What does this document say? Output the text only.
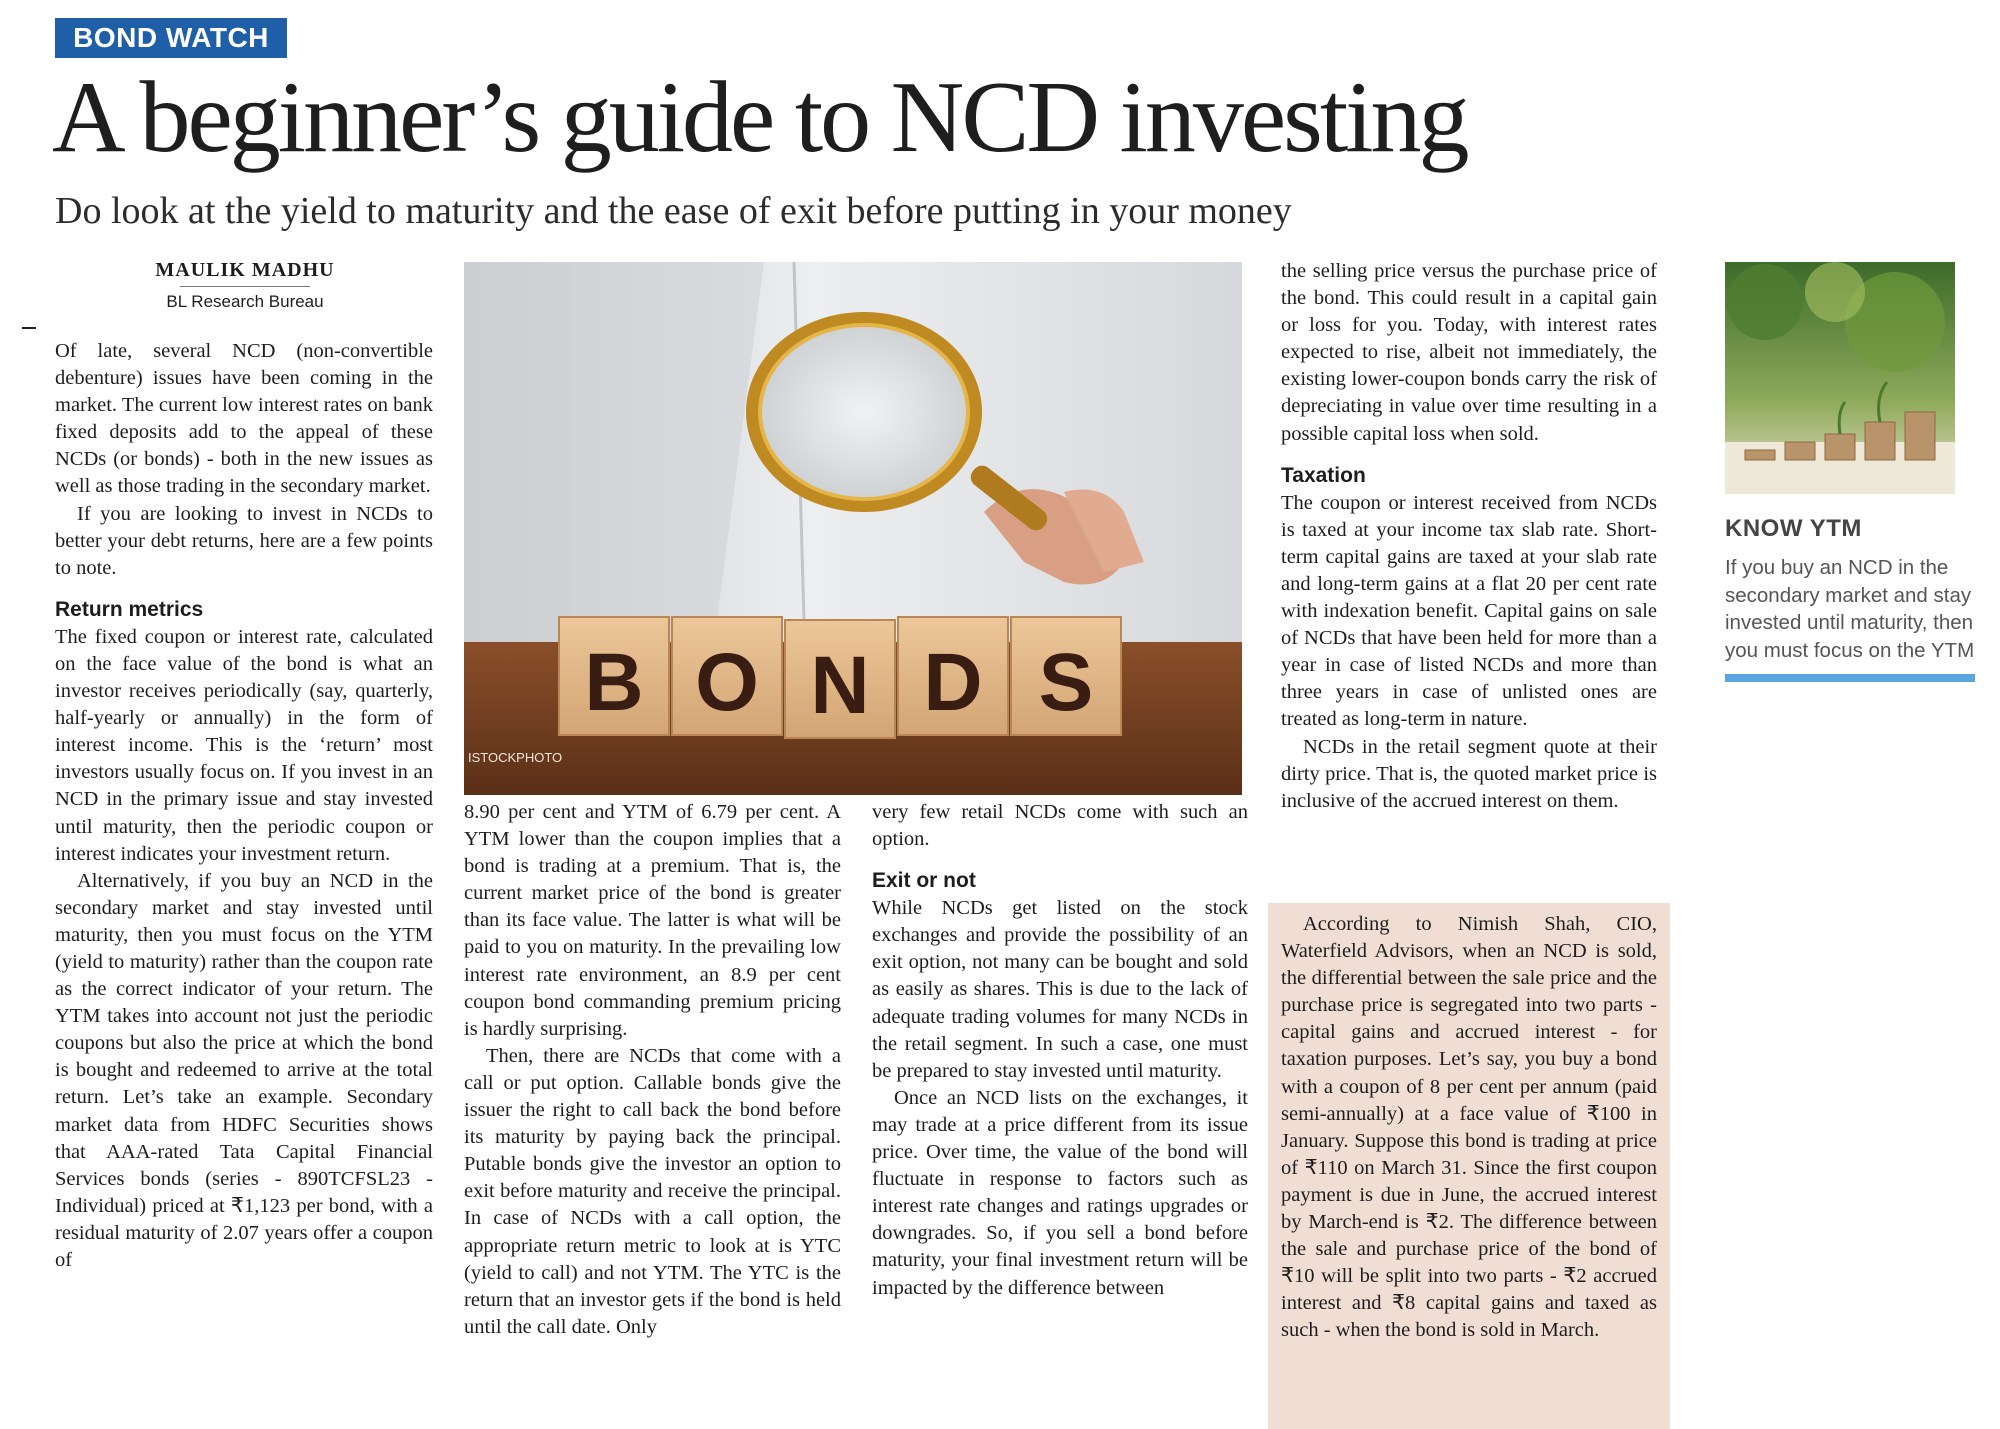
BOND WATCH
A beginner’s guide to NCD investing
Do look at the yield to maturity and the ease of exit before putting in your money
MAULIK MADHU
BL Research Bureau

Of late, several NCD (non-convertible debenture) issues have been coming in the market. The current low interest rates on bank fixed deposits add to the appeal of these NCDs (or bonds) - both in the new issues as well as those trading in the secondary market.

If you are looking to invest in NCDs to better your debt returns, here are a few points to note.

Return metrics

The fixed coupon or interest rate, calculated on the face value of the bond is what an investor receives periodically (say, quarterly, half-yearly or annually) in the form of interest income. This is the ‘return’ most investors usually focus on. If you invest in an NCD in the primary issue and stay invested until maturity, then the periodic coupon or interest indicates your investment return.

Alternatively, if you buy an NCD in the secondary market and stay invested until maturity, then you must focus on the YTM (yield to maturity) rather than the coupon rate as the correct indicator of your return. The YTM takes into account not just the periodic coupons but also the price at which the bond is bought and redeemed to arrive at the total return. Let’s take an example. Secondary market data from HDFC Securities shows that AAA-rated Tata Capital Financial Services bonds (series - 890TCFSL23 - Individual) priced at ₹1,123 per bond, with a residual maturity of 2.07 years offer a coupon of

B O N D S
ISTOCKPHOTO

8.90 per cent and YTM of 6.79 per cent. A YTM lower than the coupon implies that a bond is trading at a premium. That is, the current market price of the bond is greater than its face value. The latter is what will be paid to you on maturity. In the prevailing low interest rate environment, an 8.9 per cent coupon bond commanding premium pricing is hardly surprising.

Then, there are NCDs that come with a call or put option. Callable bonds give the issuer the right to call back the bond before its maturity by paying back the principal. Putable bonds give the investor an option to exit before maturity and receive the principal. In case of NCDs with a call option, the appropriate return metric to look at is YTC (yield to call) and not YTM. The YTC is the return that an investor gets if the bond is held until the call date. Only

very few retail NCDs come with such an option.

Exit or not

While NCDs get listed on the stock exchanges and provide the possibility of an exit option, not many can be bought and sold as easily as shares. This is due to the lack of adequate trading volumes for many NCDs in the retail segment. In such a case, one must be prepared to stay invested until maturity.

Once an NCD lists on the exchanges, it may trade at a price different from its issue price. Over time, the value of the bond will fluctuate in response to factors such as interest rate changes and ratings upgrades or downgrades. So, if you sell a bond before maturity, your final investment return will be impacted by the difference between

the selling price versus the purchase price of the bond. This could result in a capital gain or loss for you. Today, with interest rates expected to rise, albeit not immediately, the existing lower-coupon bonds carry the risk of depreciating in value over time resulting in a possible capital loss when sold.

Taxation

The coupon or interest received from NCDs is taxed at your income tax slab rate. Short-term capital gains are taxed at your slab rate and long-term gains at a flat 20 per cent rate with indexation benefit. Capital gains on sale of NCDs that have been held for more than a year in case of listed NCDs and more than three years in case of unlisted ones are treated as long-term in nature.

NCDs in the retail segment quote at their dirty price. That is, the quoted market price is inclusive of the accrued interest on them.

According to Nimish Shah, CIO, Waterfield Advisors, when an NCD is sold, the differential between the sale price and the purchase price is segregated into two parts - capital gains and accrued interest - for taxation purposes. Let’s say, you buy a bond with a coupon of 8 per cent per annum (paid semi-annually) at a face value of ₹100 in January. Suppose this bond is trading at price of ₹110 on March 31. Since the first coupon payment is due in June, the accrued interest by March-end is ₹2. The difference between the sale and purchase price of the bond of ₹10 will be split into two parts - ₹2 accrued interest and ₹8 capital gains and taxed as such - when the bond is sold in March.

KNOW YTM
If you buy an NCD in the secondary market and stay invested until maturity, then you must focus on the YTM
